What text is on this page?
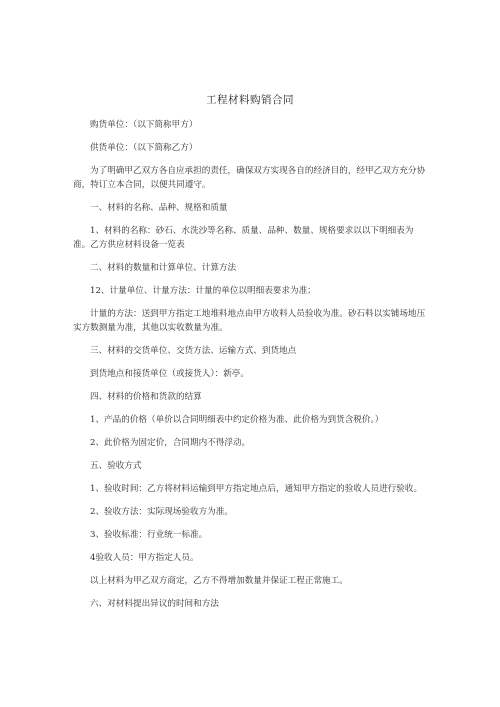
工程材料购销合同

购货单位：（以下简称甲方）

供货单位：（以下简称乙方）

为了明确甲乙双方各自应承担的责任，确保双方实现各自的经济目的，经甲乙双方充分协商，特订立本合同，以便共同遵守。

一、材料的名称、品种、规格和质量

1、材料的名称：砂石、水洗沙等名称、质量、品种、数量、规格要求以以下明细表为准。乙方供应材料设备一览表

二、材料的数量和计算单位、计算方法

12、计量单位、计量方法：计量的单位以明细表要求为准；

计量的方法：送到甲方指定工地堆料地点由甲方收料人员验收为准。砂石料以实铺场地压实方数测量为准，其他以实收数量为准。

三、材料的交货单位、交货方法、运输方式、到货地点

到货地点和接货单位（或接货人）：新亭。

四、材料的价格和货款的结算

1、产品的价格（单价以合同明细表中约定价格为准、此价格为到货含税价。）

2、此价格为固定价，合同期内不得浮动。

五、验收方式

1、验收时间：乙方将材料运输到甲方指定地点后，通知甲方指定的验收人员进行验收。

2、验收方法：实际现场验收方为准。

3、验收标准：行业统一标准。

4验收人员：甲方指定人员。

以上材料为甲乙双方商定，乙方不得增加数量并保证工程正常施工。

六、对材料提出异议的时间和方法
